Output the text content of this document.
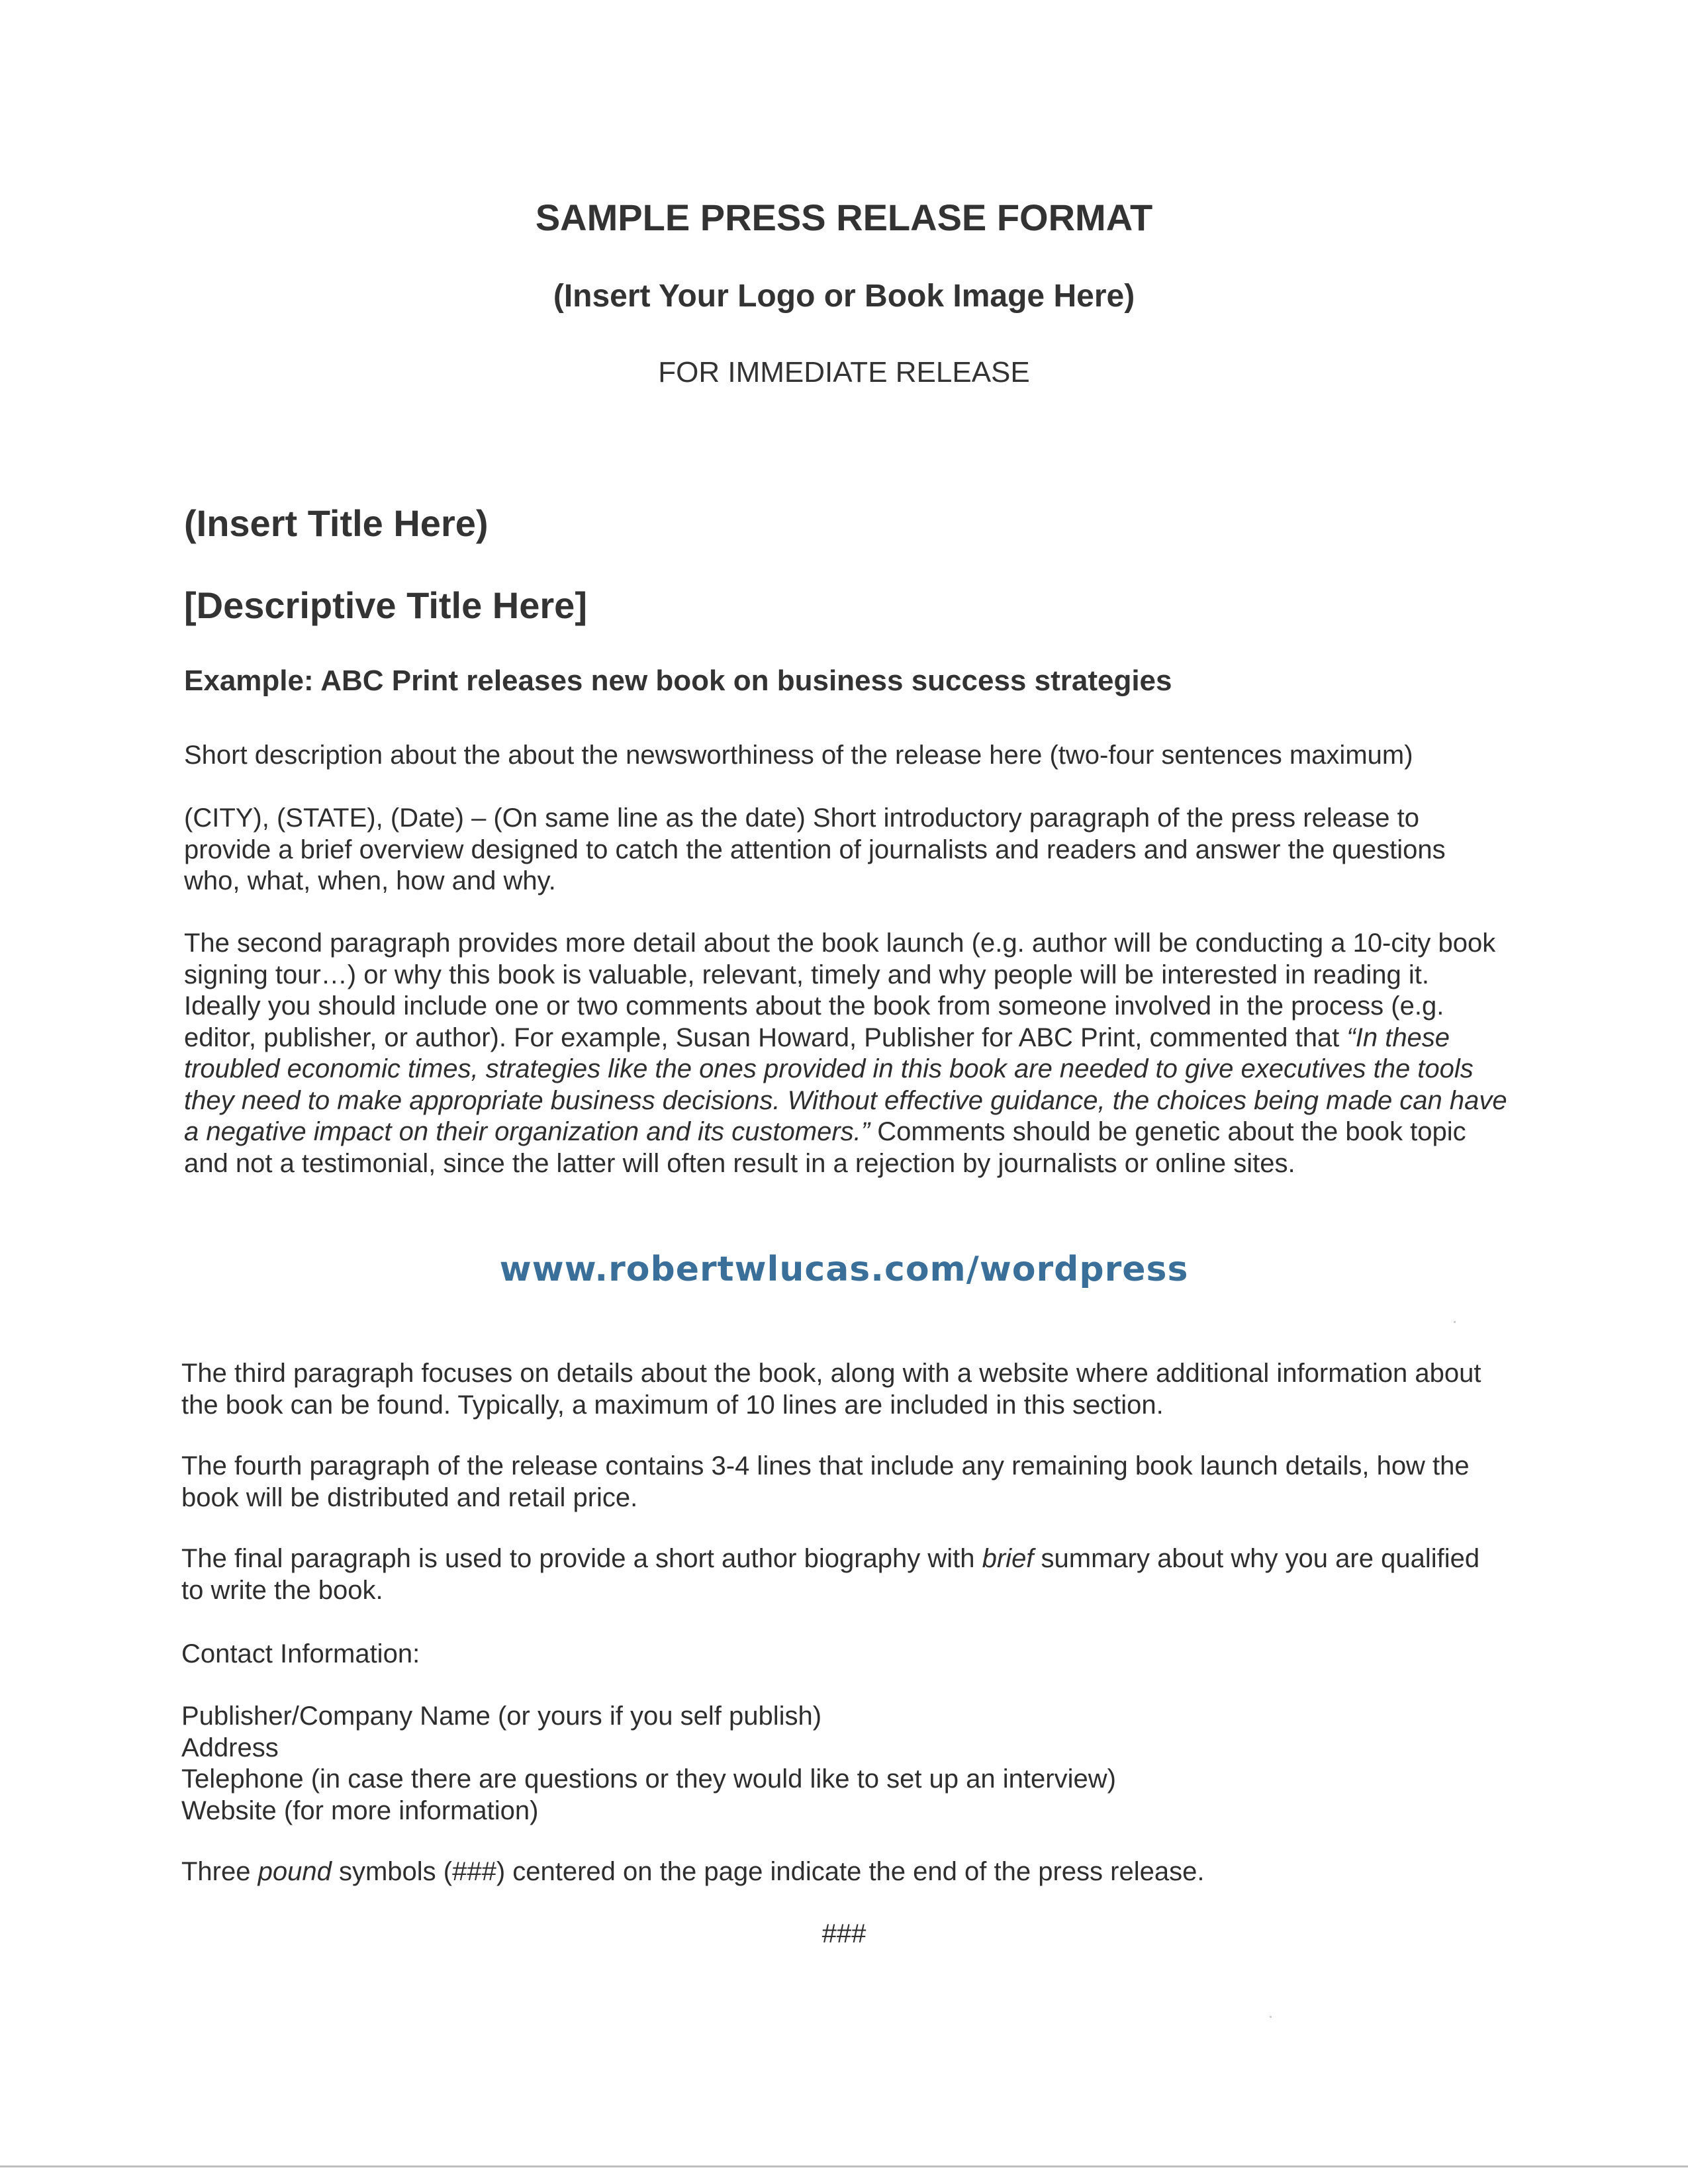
SAMPLE PRESS RELASE FORMAT
(Insert Your Logo or Book Image Here)

FOR IMMEDIATE RELEASE

(Insert Title Here)
[Descriptive Title Here]
Example: ABC Print releases new book on business success strategies

Short description about the about the newsworthiness of the release here (two-four sentences maximum)

(CITY), (STATE), (Date) – (On same line as the date) Short introductory paragraph of the press release to provide a brief overview designed to catch the attention of journalists and readers and answer the questions who, what, when, how and why.

The second paragraph provides more detail about the book launch (e.g. author will be conducting a 10-city book signing tour…) or why this book is valuable, relevant, timely and why people will be interested in reading it. Ideally you should include one or two comments about the book from someone involved in the process (e.g. editor, publisher, or author). For example, Susan Howard, Publisher for ABC Print, commented that “In these troubled economic times, strategies like the ones provided in this book are needed to give executives the tools they need to make appropriate business decisions. Without effective guidance, the choices being made can have a negative impact on their organization and its customers.” Comments should be genetic about the book topic and not a testimonial, since the latter will often result in a rejection by journalists or online sites.

www.robertwlucas.com/wordpress

The third paragraph focuses on details about the book, along with a website where additional information about the book can be found. Typically, a maximum of 10 lines are included in this section.

The fourth paragraph of the release contains 3-4 lines that include any remaining book launch details, how the book will be distributed and retail price.

The final paragraph is used to provide a short author biography with brief summary about why you are qualified to write the book.

Contact Information:

Publisher/Company Name (or yours if you self publish)
Address
Telephone (in case there are questions or they would like to set up an interview)
Website (for more information)

Three pound symbols (###) centered on the page indicate the end of the press release.

###
